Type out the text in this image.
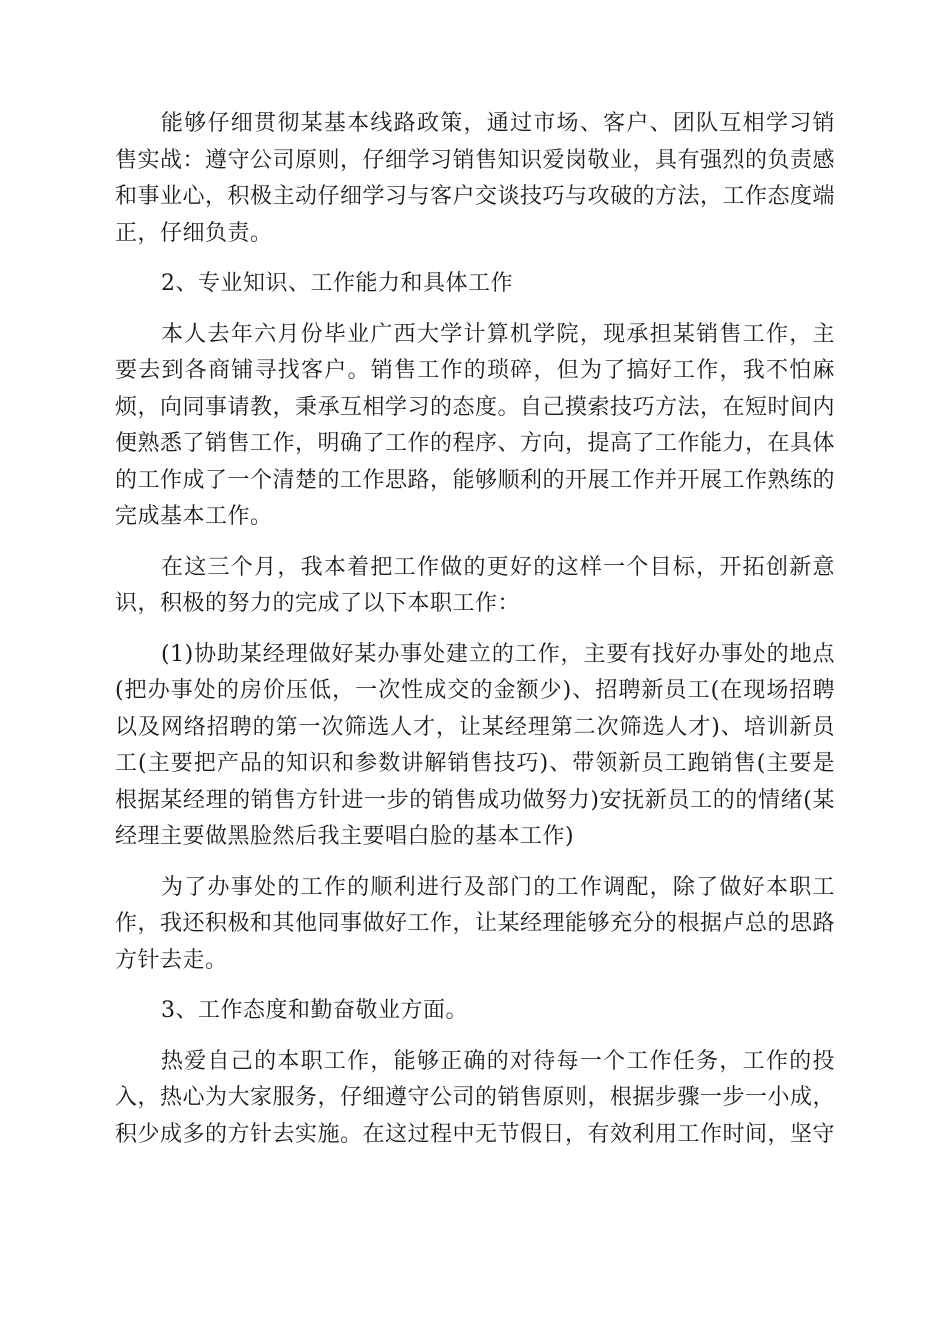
能够仔细贯彻某基本线路政策，通过市场、客户、团队互相学习销售实战：遵守公司原则，仔细学习销售知识爱岗敬业，具有强烈的负责感和事业心，积极主动仔细学习与客户交谈技巧与攻破的方法，工作态度端正，仔细负责。

2、专业知识、工作能力和具体工作

本人去年六月份毕业广西大学计算机学院，现承担某销售工作，主要去到各商铺寻找客户。销售工作的琐碎，但为了搞好工作，我不怕麻烦，向同事请教，秉承互相学习的态度。自己摸索技巧方法，在短时间内便熟悉了销售工作，明确了工作的程序、方向，提高了工作能力，在具体的工作成了一个清楚的工作思路，能够顺利的开展工作并开展工作熟练的完成基本工作。

在这三个月，我本着把工作做的更好的这样一个目标，开拓创新意识，积极的努力的完成了以下本职工作：

(1)协助某经理做好某办事处建立的工作，主要有找好办事处的地点(把办事处的房价压低，一次性成交的金额少)、招聘新员工(在现场招聘以及网络招聘的第一次筛选人才，让某经理第二次筛选人才)、培训新员工(主要把产品的知识和参数讲解销售技巧)、带领新员工跑销售(主要是根据某经理的销售方针进一步的销售成功做努力)安抚新员工的的情绪(某经理主要做黑脸然后我主要唱白脸的基本工作)

为了办事处的工作的顺利进行及部门的工作调配，除了做好本职工作，我还积极和其他同事做好工作，让某经理能够充分的根据卢总的思路方针去走。

3、工作态度和勤奋敬业方面。

热爱自己的本职工作，能够正确的对待每一个工作任务，工作的投入，热心为大家服务，仔细遵守公司的销售原则，根据步骤一步一小成，积少成多的方针去实施。在这过程中无节假日，有效利用工作时间，坚守
